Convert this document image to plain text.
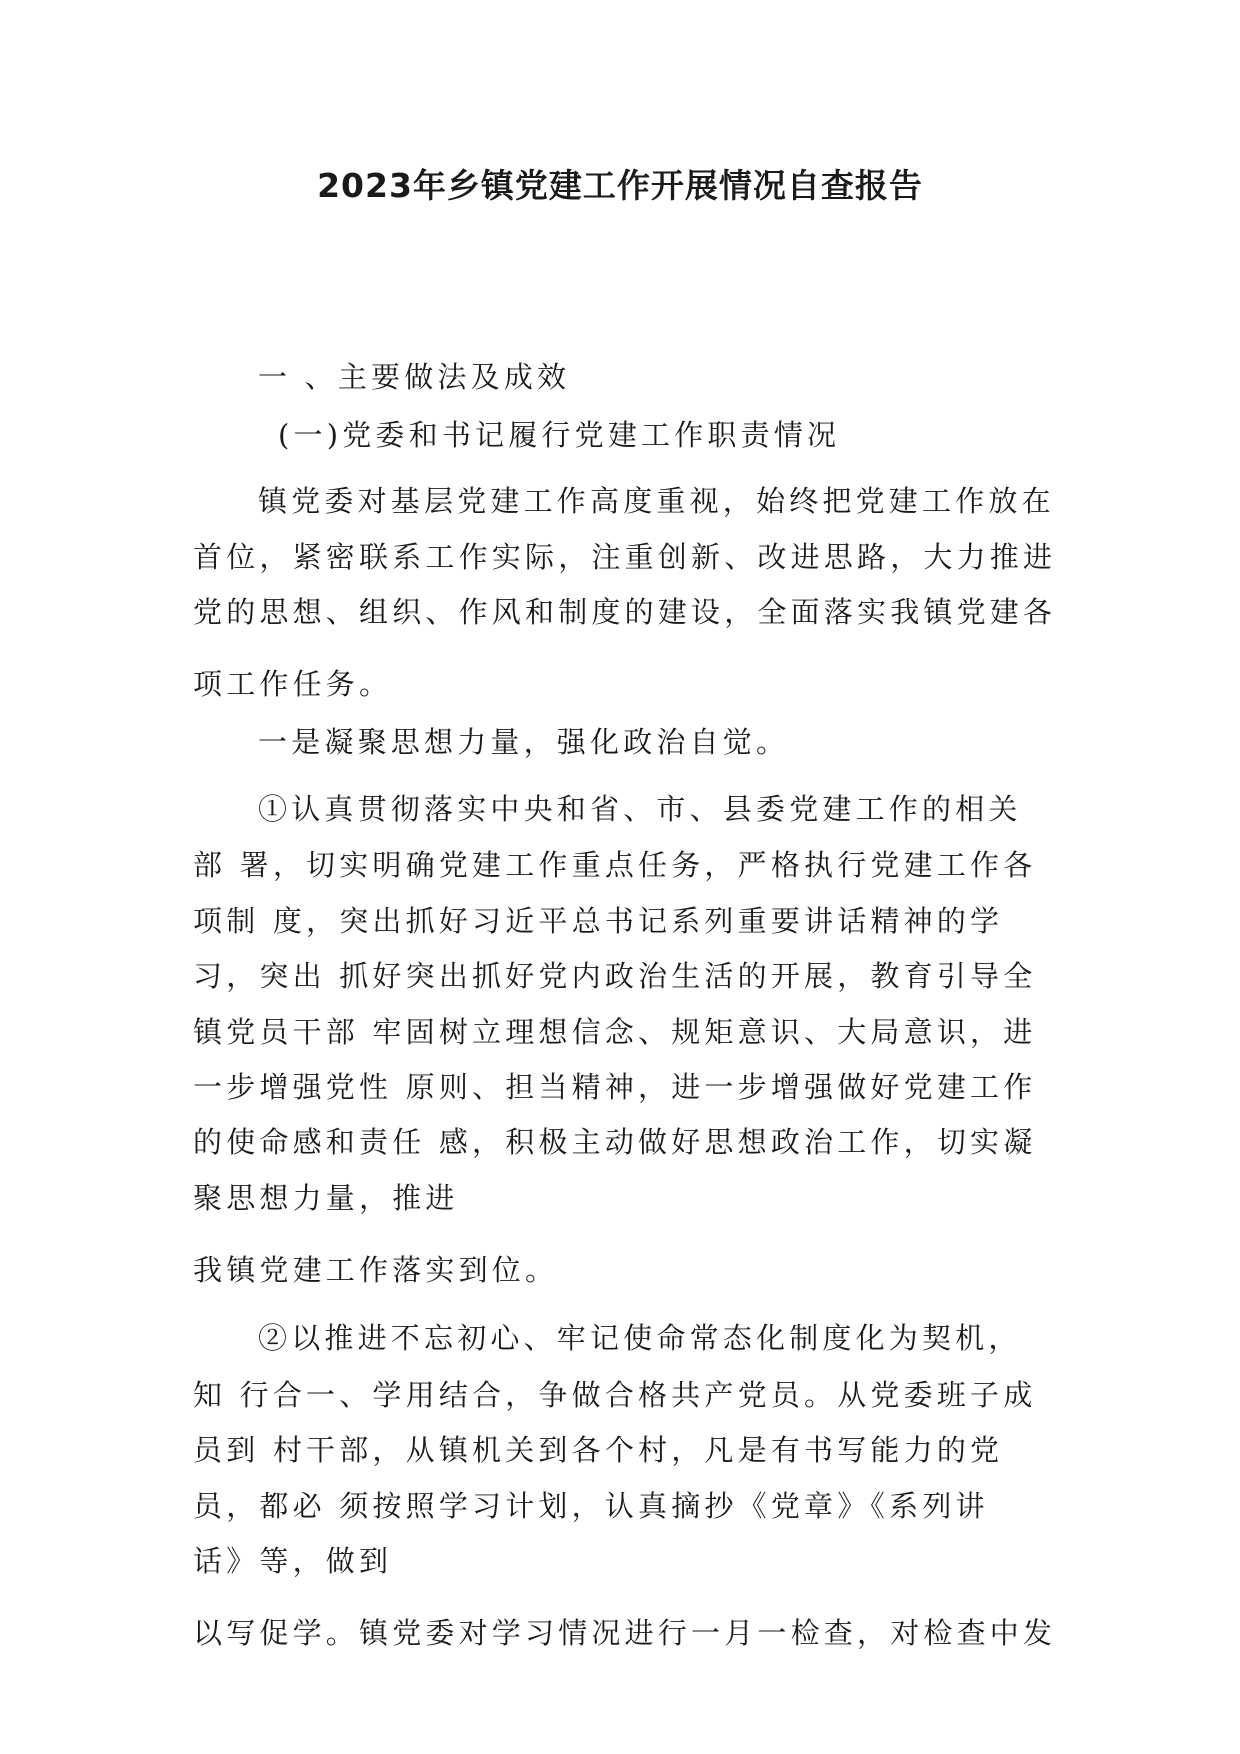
2023年乡镇党建工作开展情况自查报告
一 、主要做法及成效
(一)党委和书记履行党建工作职责情况
镇党委对基层党建工作高度重视，始终把党建工作放在
首位，紧密联系工作实际，注重创新、改进思路，大力推进
党的思想、组织、作风和制度的建设，全面落实我镇党建各
项工作任务。
一是凝聚思想力量，强化政治自觉。
①认真贯彻落实中央和省、市、县委党建工作的相关
部 署，切实明确党建工作重点任务，严格执行党建工作各
项制 度，突出抓好习近平总书记系列重要讲话精神的学
习，突出 抓好突出抓好党内政治生活的开展，教育引导全
镇党员干部 牢固树立理想信念、规矩意识、大局意识，进
一步增强党性 原则、担当精神，进一步增强做好党建工作
的使命感和责任 感，积极主动做好思想政治工作，切实凝
聚思想力量，推进
我镇党建工作落实到位。
②以推进不忘初心、牢记使命常态化制度化为契机，
知 行合一、学用结合，争做合格共产党员。从党委班子成
员到 村干部，从镇机关到各个村，凡是有书写能力的党
员，都必 须按照学习计划，认真摘抄《党章》《系列讲
话》等，做到
以写促学。镇党委对学习情况进行一月一检查，对检查中发
